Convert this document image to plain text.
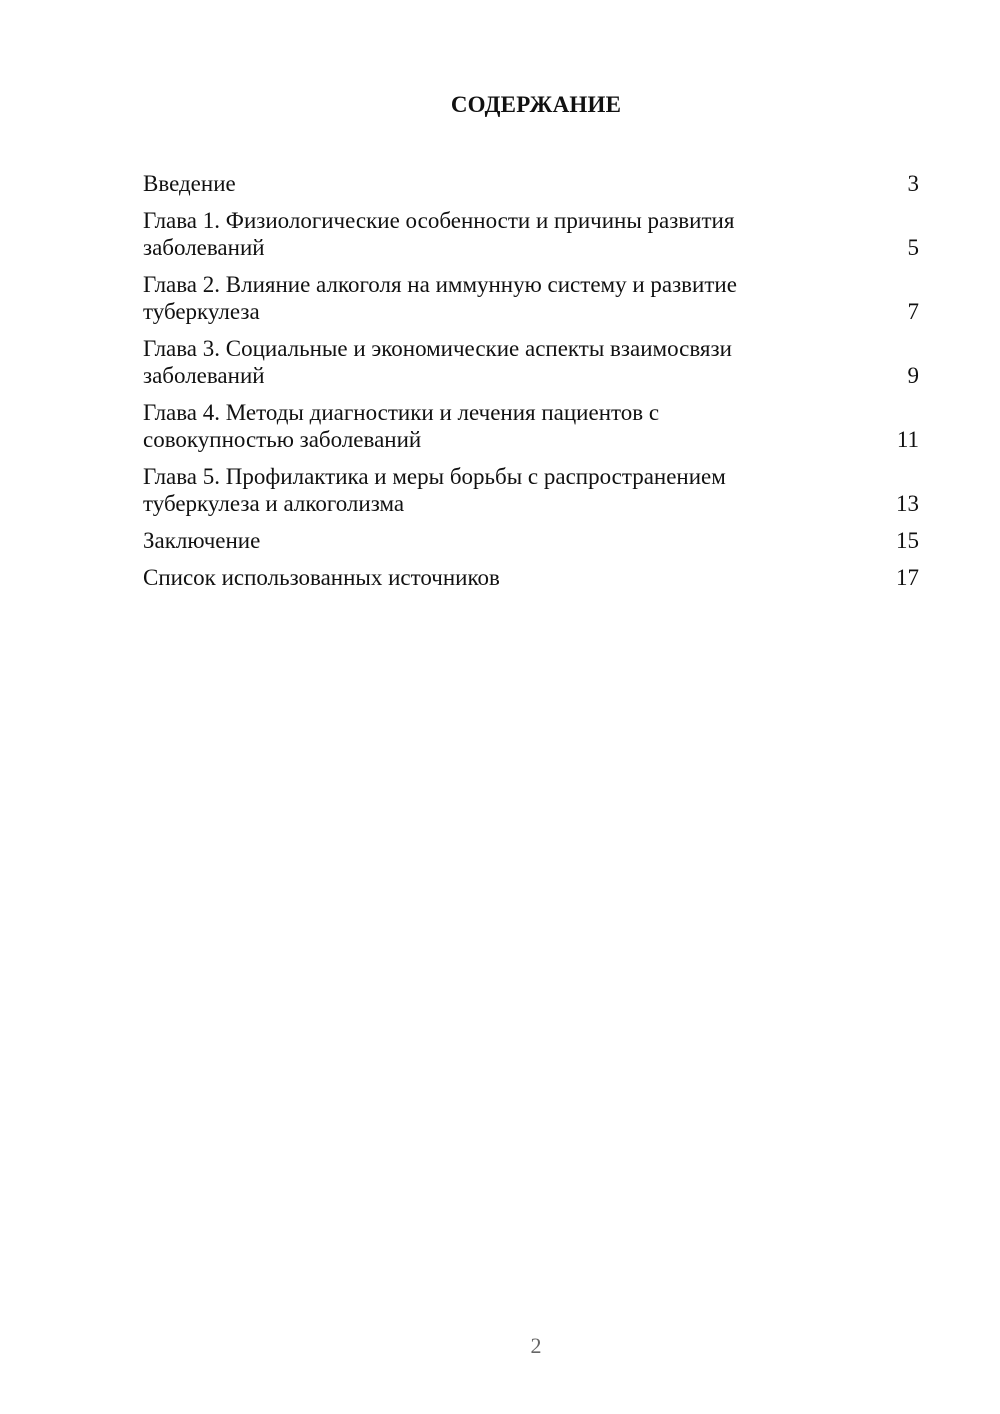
СОДЕРЖАНИЕ
Введение	3
Глава 1. Физиологические особенности и причины развития заболеваний	5
Глава 2. Влияние алкоголя на иммунную систему и развитие туберкулеза	7
Глава 3. Социальные и экономические аспекты взаимосвязи заболеваний	9
Глава 4. Методы диагностики и лечения пациентов с совокупностью заболеваний	11
Глава 5. Профилактика и меры борьбы с распространением туберкулеза и алкоголизма	13
Заключение	15
Список использованных источников	17
2
